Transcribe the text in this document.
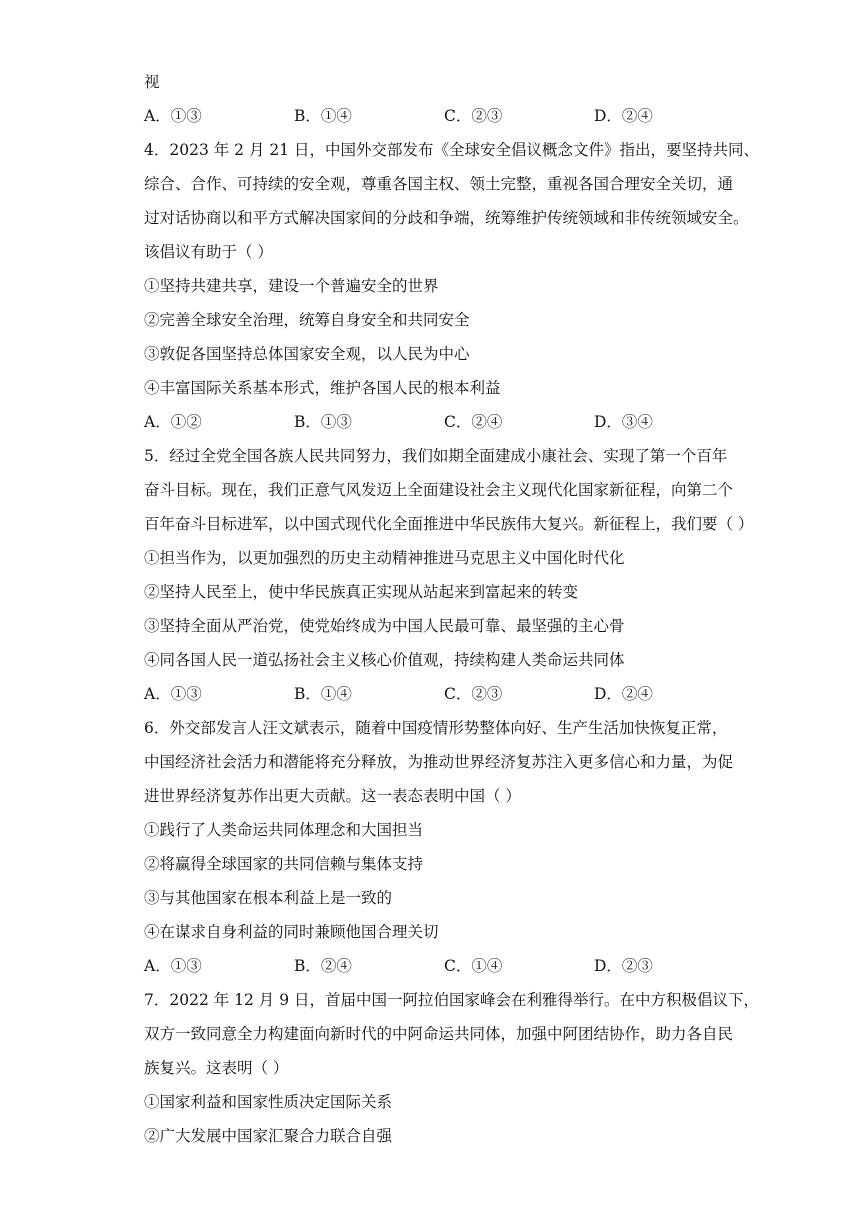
视
A．①③	B．①④	C．②③	D．②④
4．2023 年 2 月 21 日，中国外交部发布《全球安全倡议概念文件》指出，要坚持共同、
综合、合作、可持续的安全观，尊重各国主权、领土完整，重视各国合理安全关切，通
过对话协商以和平方式解决国家间的分歧和争端，统筹维护传统领域和非传统领域安全。
该倡议有助于（ ）
①坚持共建共享，建设一个普遍安全的世界
②完善全球安全治理，统筹自身安全和共同安全
③敦促各国坚持总体国家安全观，以人民为中心
④丰富国际关系基本形式，维护各国人民的根本利益
A．①②	B．①③	C．②④	D．③④
5．经过全党全国各族人民共同努力，我们如期全面建成小康社会、实现了第一个百年
奋斗目标。现在，我们正意气风发迈上全面建设社会主义现代化国家新征程，向第二个
百年奋斗目标进军，以中国式现代化全面推进中华民族伟大复兴。新征程上，我们要（ ）
①担当作为，以更加强烈的历史主动精神推进马克思主义中国化时代化
②坚持人民至上，使中华民族真正实现从站起来到富起来的转变
③坚持全面从严治党，使党始终成为中国人民最可靠、最坚强的主心骨
④同各国人民一道弘扬社会主义核心价值观，持续构建人类命运共同体
A．①③	B．①④	C．②③	D．②④
6．外交部发言人汪文斌表示，随着中国疫情形势整体向好、生产生活加快恢复正常，
中国经济社会活力和潜能将充分释放，为推动世界经济复苏注入更多信心和力量，为促
进世界经济复苏作出更大贡献。这一表态表明中国（ ）
①践行了人类命运共同体理念和大国担当
②将赢得全球国家的共同信赖与集体支持
③与其他国家在根本利益上是一致的
④在谋求自身利益的同时兼顾他国合理关切
A．①③	B．②④	C．①④	D．②③
7．2022 年 12 月 9 日，首届中国一阿拉伯国家峰会在利雅得举行。在中方积极倡议下，
双方一致同意全力构建面向新时代的中阿命运共同体，加强中阿团结协作，助力各自民
族复兴。这表明（ ）
①国家利益和国家性质决定国际关系
②广大发展中国家汇聚合力联合自强
